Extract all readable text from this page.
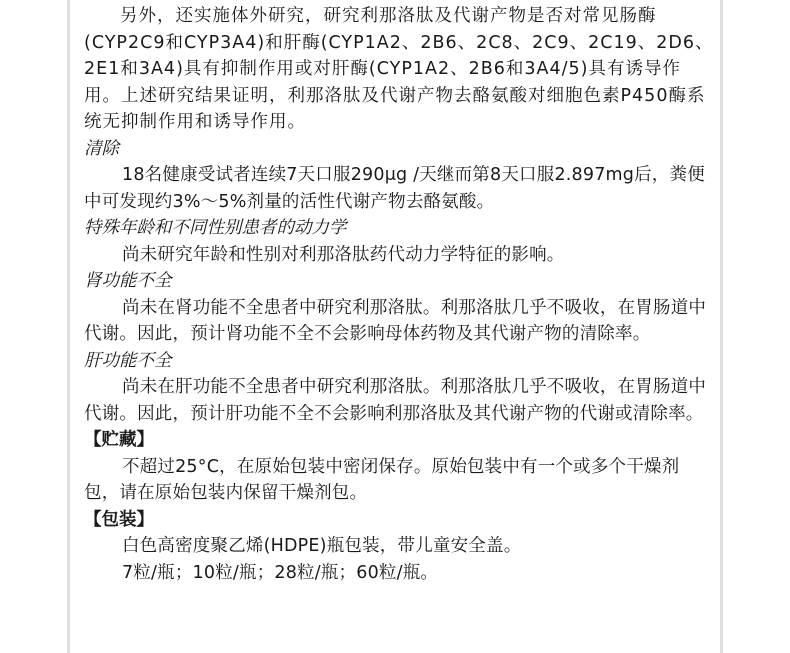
另外，还实施体外研究，研究利那洛肽及代谢产物是否对常见肠酶(CYP2C9和CYP3A4)和肝酶(CYP1A2、2B6、2C8、2C9、2C19、2D6、2E1和3A4)具有抑制作用或对肝酶(CYP1A2、2B6和3A4/5)具有诱导作用。上述研究结果证明，利那洛肽及代谢产物去酪氨酸对细胞色素P450酶系统无抑制作用和诱导作用。

清除

18名健康受试者连续7天口服290μg /天继而第8天口服2.897mg后，粪便中可发现约3%～5%剂量的活性代谢产物去酪氨酸。

特殊年龄和不同性别患者的动力学

尚未研究年龄和性别对利那洛肽药代动力学特征的影响。

肾功能不全

尚未在肾功能不全患者中研究利那洛肽。利那洛肽几乎不吸收，在胃肠道中代谢。因此，预计肾功能不全不会影响母体药物及其代谢产物的清除率。

肝功能不全

尚未在肝功能不全患者中研究利那洛肽。利那洛肽几乎不吸收，在胃肠道中代谢。因此，预计肝功能不全不会影响利那洛肽及其代谢产物的代谢或清除率。

【贮藏】

不超过25°C，在原始包装中密闭保存。原始包装中有一个或多个干燥剂包，请在原始包装内保留干燥剂包。

【包装】

白色高密度聚乙烯(HDPE)瓶包装，带儿童安全盖。

7粒/瓶；10粒/瓶；28粒/瓶；60粒/瓶。
